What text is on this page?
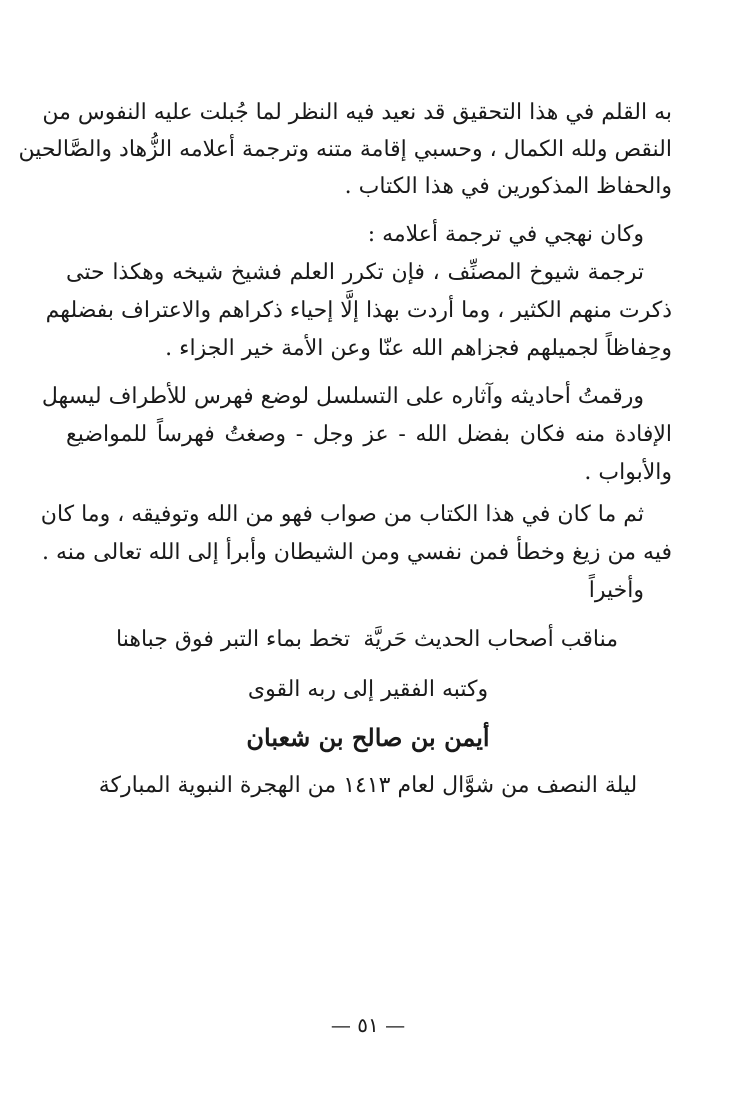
به القلم في هذا التحقيق قد نعيد فيه النظر لما جُبلت عليه النفوس من
النقص ولله الكمال ، وحسبي إقامة متنه وترجمة أعلامه الزُّهاد والصَّالحين
والحفاظ المذكورين في هذا الكتاب .
وكان نهجي في ترجمة أعلامه :
ترجمة شيوخ المصنِّف ، فإن تكرر العلم فشيخ شيخه وهكذا حتى
ذكرت منهم الكثير ، وما أردت بهذا إلَّا إحياء ذكراهم والاعتراف بفضلهم
وحِفاظاً لجميلهم فجزاهم الله عنّا وعن الأمة خير الجزاء .
ورقمتُ أحاديثه وآثاره على التسلسل لوضع فهرس للأطراف ليسهل
الإفادة منه فكان بفضل الله - عز وجل - وصغتُ فهرساً للمواضيع
والأبواب .
ثم ما كان في هذا الكتاب من صواب فهو من الله وتوفيقه ، وما كان
فيه من زيغ وخطأ فمن نفسي ومن الشيطان وأبرأ إلى الله تعالى منه .
وأخيراً
مناقب أصحاب الحديث حَريَّة
تخط بماء التبر فوق جباهنا
وكتبه الفقير إلى ربه القوى
أيمن بن صالح بن شعبان
ليلة النصف من شوَّال لعام ١٤١٣ من الهجرة النبوية المباركة
— ٥١ —
